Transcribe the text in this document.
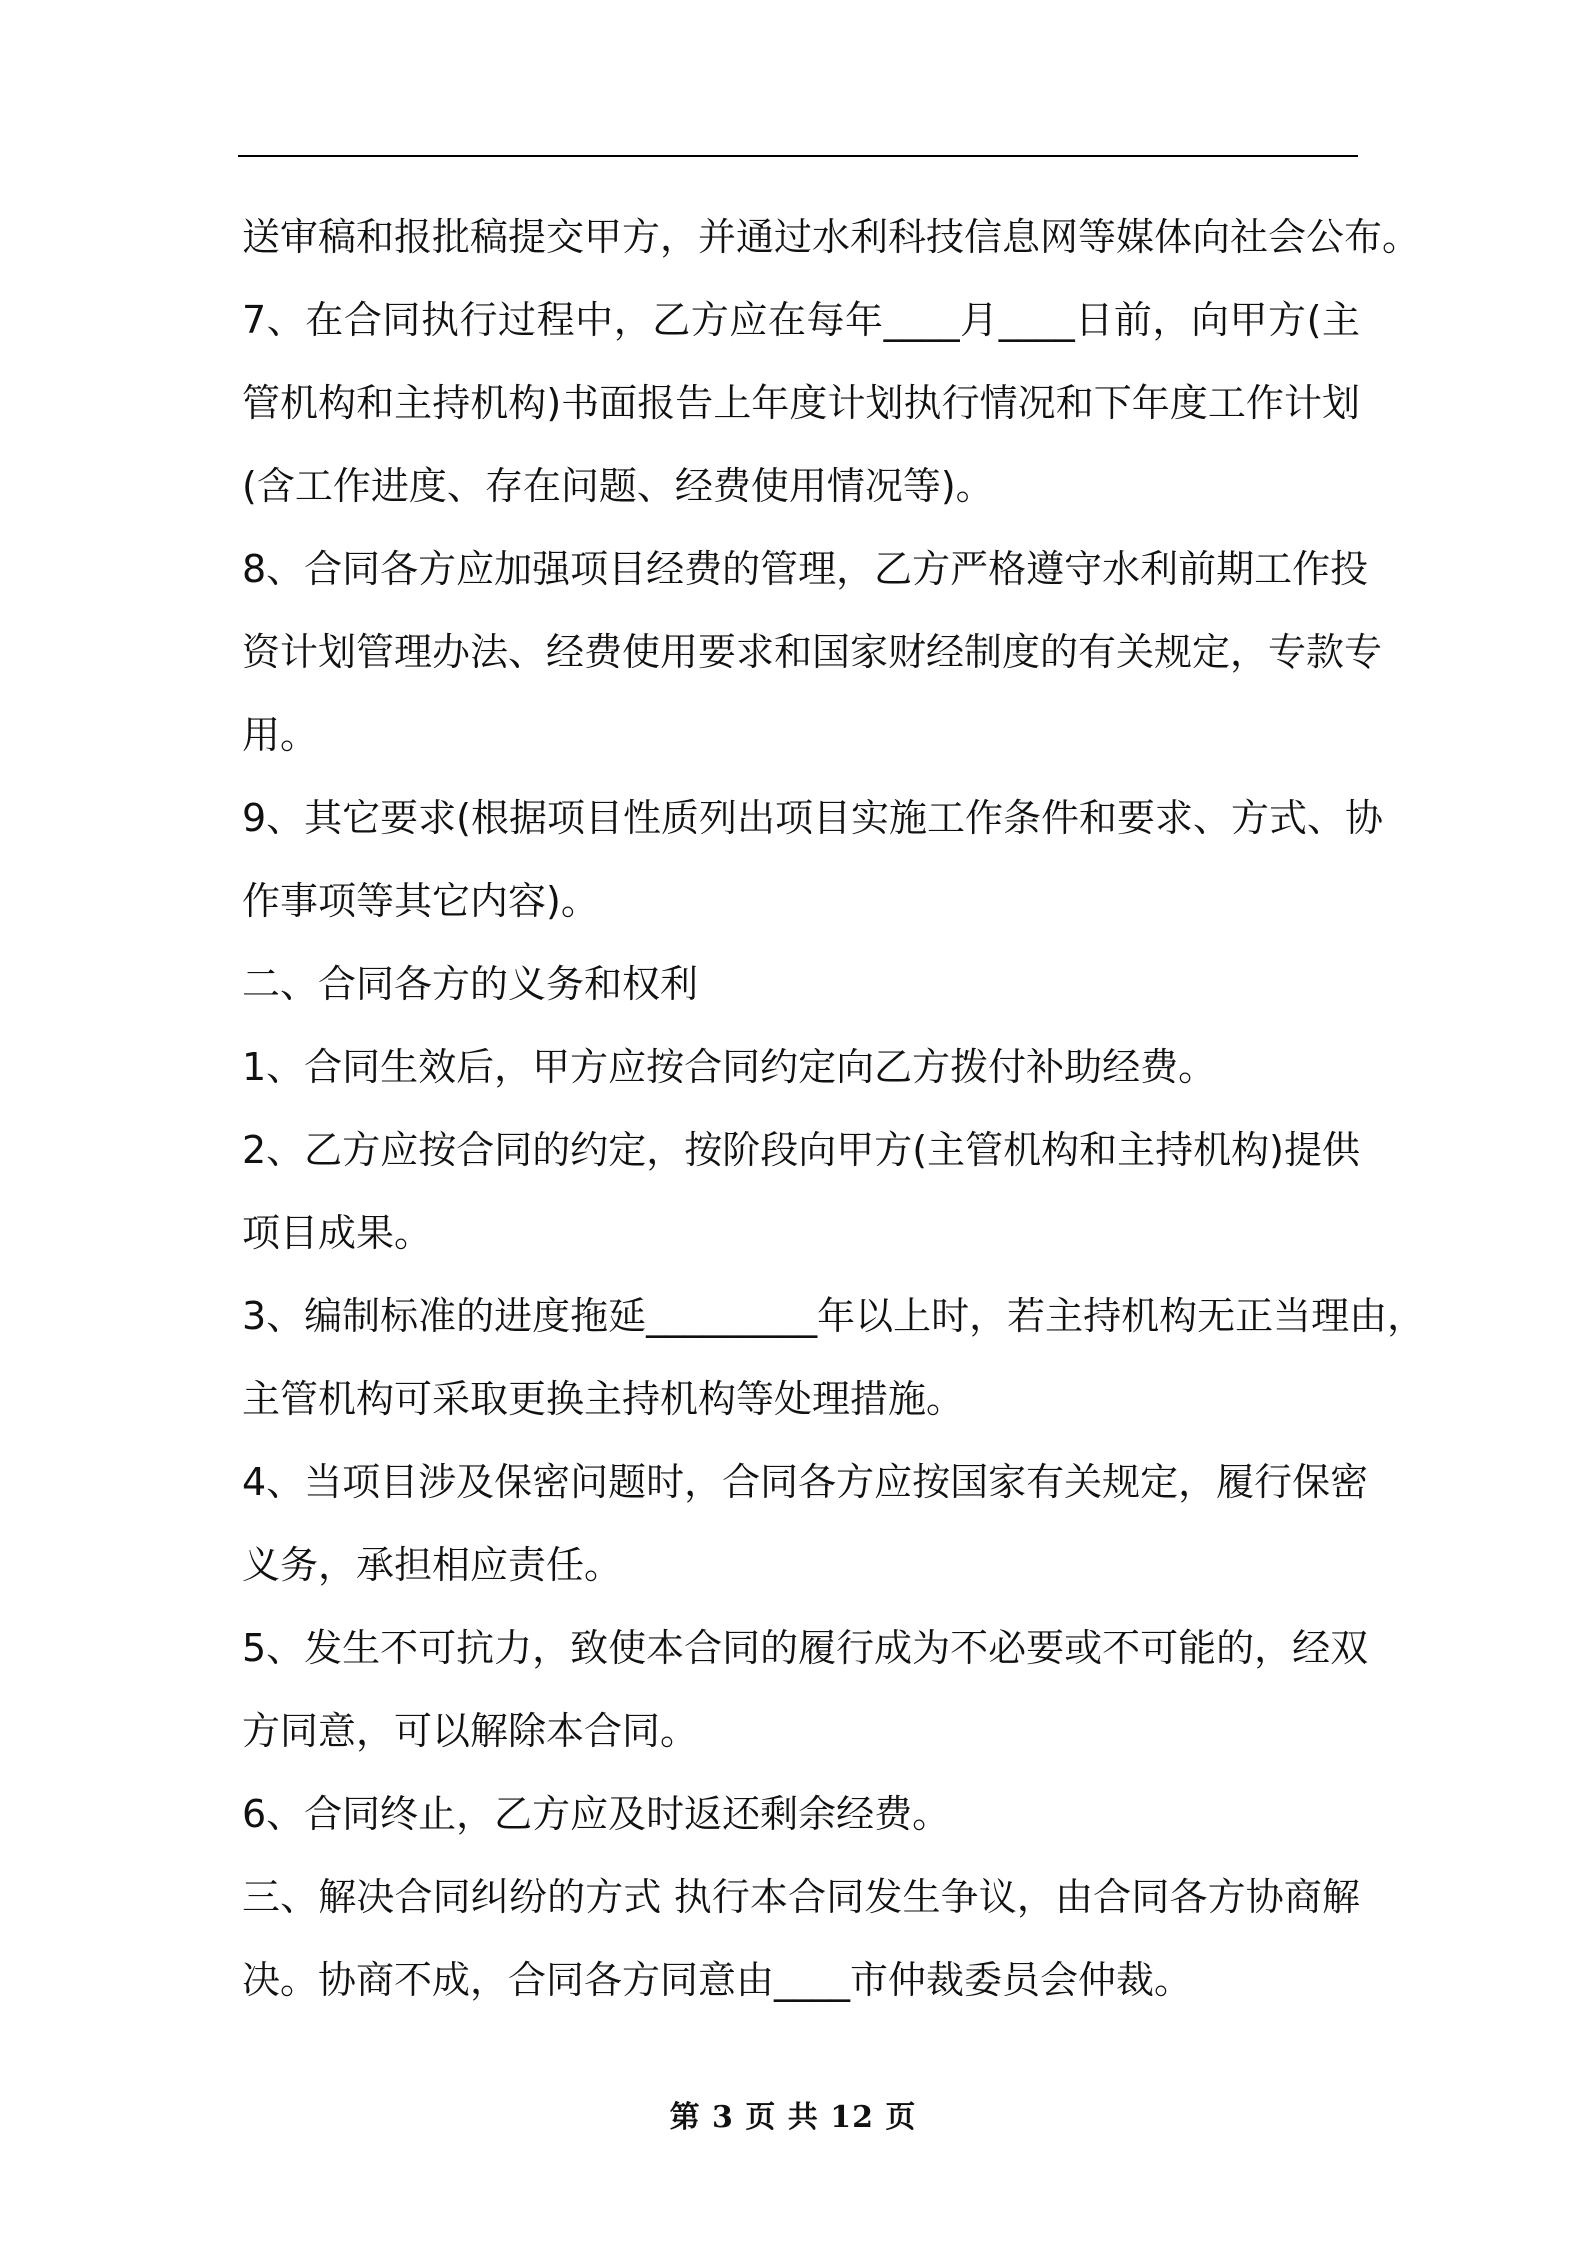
送审稿和报批稿提交甲方，并通过水利科技信息网等媒体向社会公布。
7、在合同执行过程中，乙方应在每年____月____日前，向甲方(主
管机构和主持机构)书面报告上年度计划执行情况和下年度工作计划
(含工作进度、存在问题、经费使用情况等)。
8、合同各方应加强项目经费的管理，乙方严格遵守水利前期工作投
资计划管理办法、经费使用要求和国家财经制度的有关规定，专款专
用。
9、其它要求(根据项目性质列出项目实施工作条件和要求、方式、协
作事项等其它内容)。
二、合同各方的义务和权利
1、合同生效后，甲方应按合同约定向乙方拨付补助经费。
2、乙方应按合同的约定，按阶段向甲方(主管机构和主持机构)提供
项目成果。
3、编制标准的进度拖延_________年以上时，若主持机构无正当理由，
主管机构可采取更换主持机构等处理措施。
4、当项目涉及保密问题时，合同各方应按国家有关规定，履行保密
义务，承担相应责任。
5、发生不可抗力，致使本合同的履行成为不必要或不可能的，经双
方同意，可以解除本合同。
6、合同终止，乙方应及时返还剩余经费。
三、解决合同纠纷的方式 执行本合同发生争议，由合同各方协商解
决。协商不成，合同各方同意由____市仲裁委员会仲裁。
第 3 页 共 12 页
